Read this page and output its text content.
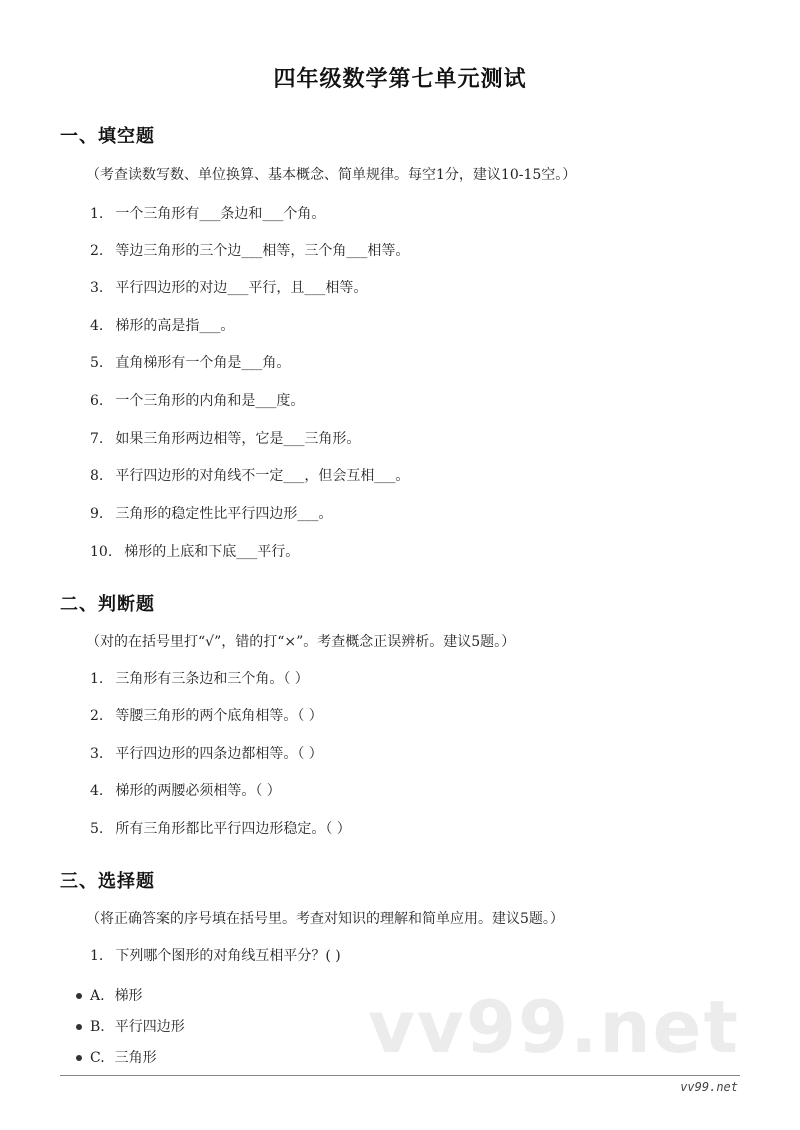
四年级数学第七单元测试
一、填空题
（考查读数写数、单位换算、基本概念、简单规律。每空1分，建议10-15空。）
1. 一个三角形有___条边和___个角。
2. 等边三角形的三个边___相等，三个角___相等。
3. 平行四边形的对边___平行，且___相等。
4. 梯形的高是指___。
5. 直角梯形有一个角是___角。
6. 一个三角形的内角和是___度。
7. 如果三角形两边相等，它是___三角形。
8. 平行四边形的对角线不一定___，但会互相___。
9. 三角形的稳定性比平行四边形___。
10. 梯形的上底和下底___平行。
二、判断题
（对的在括号里打“√”，错的打“×”。考查概念正误辨析。建议5题。）
1. 三角形有三条边和三个角。（ ）
2. 等腰三角形的两个底角相等。（ ）
3. 平行四边形的四条边都相等。（ ）
4. 梯形的两腰必须相等。（ ）
5. 所有三角形都比平行四边形稳定。（ ）
三、选择题
（将正确答案的序号填在括号里。考查对知识的理解和简单应用。建议5题。）
1. 下列哪个图形的对角线互相平分？( )
A. 梯形
B. 平行四边形
C. 三角形	vv99.net
vv99.net
